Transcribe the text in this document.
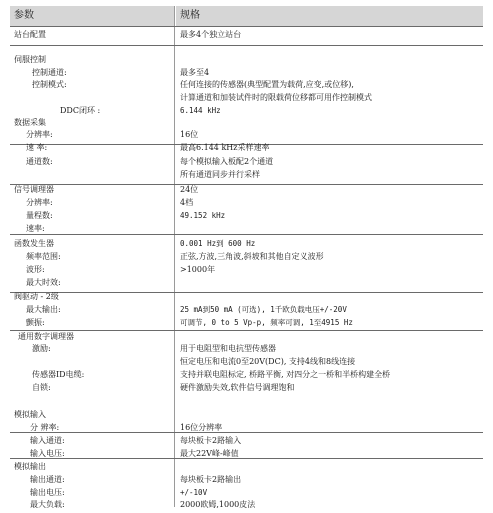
参数	规格
站台配置	最多4个独立站台
伺服控制
控制通道:	最多至4
控制模式:	任何连接的传感器(典型配置为载荷,应变,或位移),
计算通道和加装试件时的限载荷位移都可用作控制模式
DDC闭环 :	6.144 kHz
数据采集
分辨率:	16位
速 率:	最高6.144 kHz采样速率
通道数:	每个模拟输入板配2个通道
所有通道同步并行采样
信号调理器	24位
分辨率:	4档
量程数:	49.152 kHz
速率:
函数发生器	0.001 Hz到 600 Hz
频率范围:	正弦,方波,三角波,斜坡和其他自定义波形
波形:	>1000年
最大时效:
阀驱动 - 2级
最大输出:	25 mA到50 mA (可选), 1千欧负载电压+/-20V
颤振:	可调节, 0 to 5 Vp-p, 频率可调, 1至4915 Hz
通用数字调理器
激励:	用于电阻型和电抗型传感器
恒定电压和电流0至20V(DC), 支持4线和8线连接
传感器ID电缆:	支持并联电阻标定, 桥路平衡, 对四分之一桥和半桥构建全桥
自锁:	硬件激励失效,软件信号调理饱和
模拟输入
分 辨率:	16位分辨率
输入通道:	每块板卡2路输入
输入电压:	最大22V峰-峰值
模拟输出
输出通道:	每块板卡2路输出
输出电压:	+/-10V
最大负载:	2000欧姆,1000皮法
